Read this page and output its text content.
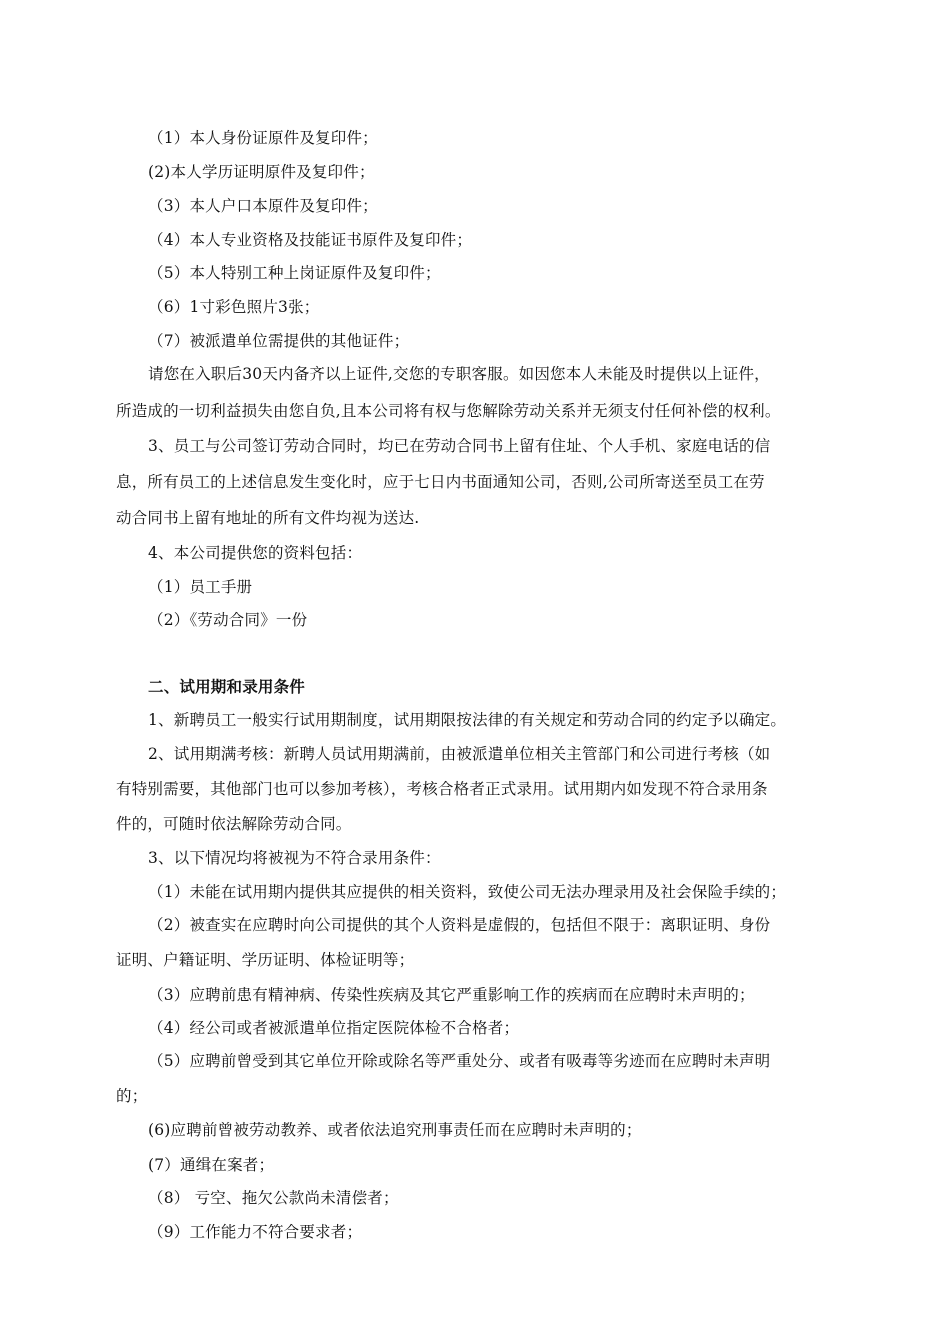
（1）本人身份证原件及复印件；
(2)本人学历证明原件及复印件；
（3）本人户口本原件及复印件；
（4）本人专业资格及技能证书原件及复印件；
（5）本人特别工种上岗证原件及复印件；
（6）1寸彩色照片3张；
（7）被派遣单位需提供的其他证件；
请您在入职后30天内备齐以上证件,交您的专职客服。如因您本人未能及时提供以上证件，
所造成的一切利益损失由您自负,且本公司将有权与您解除劳动关系并无须支付任何补偿的权利。
3、员工与公司签订劳动合同时，均已在劳动合同书上留有住址、个人手机、家庭电话的信
息，所有员工的上述信息发生变化时，应于七日内书面通知公司，否则,公司所寄送至员工在劳
动合同书上留有地址的所有文件均视为送达.
4、本公司提供您的资料包括：
（1）员工手册
（2）《劳动合同》一份
二、试用期和录用条件
1、新聘员工一般实行试用期制度，试用期限按法律的有关规定和劳动合同的约定予以确定。
2、试用期满考核：新聘人员试用期满前，由被派遣单位相关主管部门和公司进行考核（如
有特别需要，其他部门也可以参加考核），考核合格者正式录用。试用期内如发现不符合录用条
件的，可随时依法解除劳动合同。
3、以下情况均将被视为不符合录用条件：
（1）未能在试用期内提供其应提供的相关资料，致使公司无法办理录用及社会保险手续的；
（2）被查实在应聘时向公司提供的其个人资料是虚假的，包括但不限于：离职证明、身份
证明、户籍证明、学历证明、体检证明等；
（3）应聘前患有精神病、传染性疾病及其它严重影响工作的疾病而在应聘时未声明的；
（4）经公司或者被派遣单位指定医院体检不合格者；
（5）应聘前曾受到其它单位开除或除名等严重处分、或者有吸毒等劣迹而在应聘时未声明
的；
(6)应聘前曾被劳动教养、或者依法追究刑事责任而在应聘时未声明的；
(7）通缉在案者；
（8） 亏空、拖欠公款尚未清偿者；
（9）工作能力不符合要求者；
